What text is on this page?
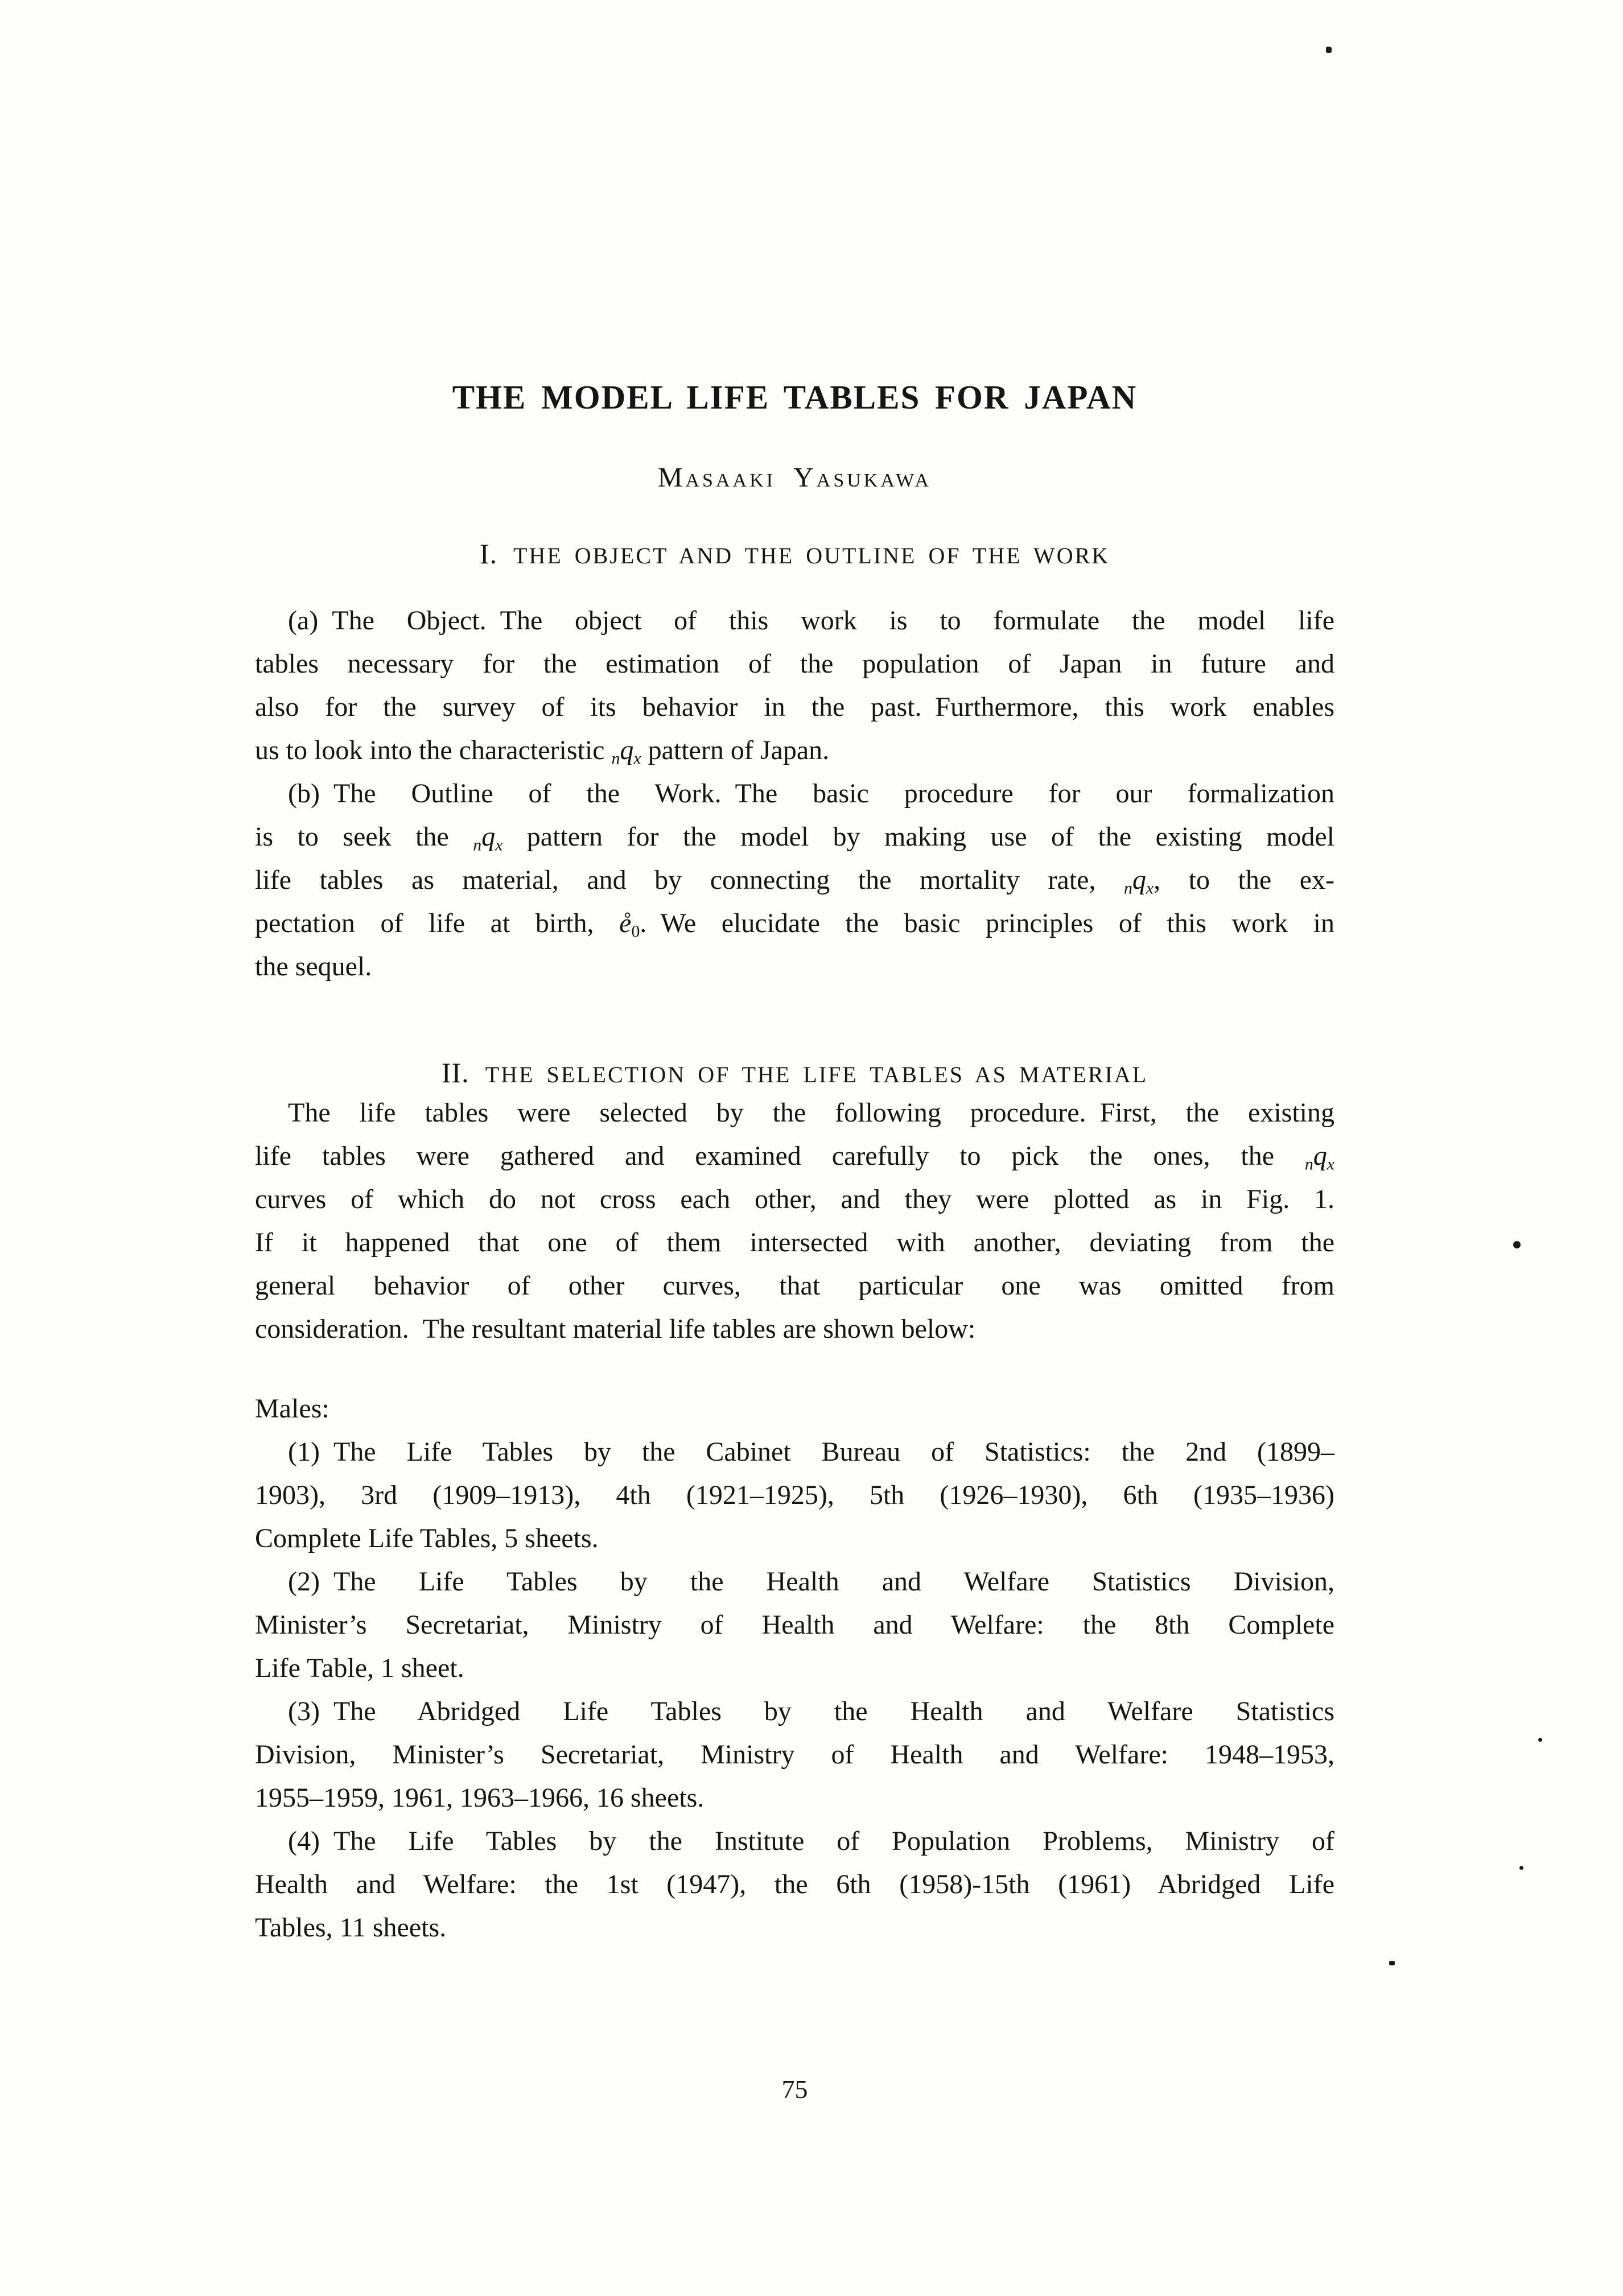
THE MODEL LIFE TABLES FOR JAPAN
Masaaki Yasukawa
I. THE OBJECT AND THE OUTLINE OF THE WORK
(a) The Object. The object of this work is to formulate the model life
tables necessary for the estimation of the population of Japan in future and
also for the survey of its behavior in the past. Furthermore, this work enables
us to look into the characteristic $_nq_x$ pattern of Japan.
(b) The Outline of the Work. The basic procedure for our formalization
is to seek the $_nq_x$ pattern for the model by making use of the existing model
life tables as material, and by connecting the mortality rate, $_nq_x$, to the ex-
pectation of life at birth, $e̊_0$. We elucidate the basic principles of this work in
the sequel.
II. THE SELECTION OF THE LIFE TABLES AS MATERIAL
The life tables were selected by the following procedure. First, the existing
life tables were gathered and examined carefully to pick the ones, the $_nq_x$
curves of which do not cross each other, and they were plotted as in Fig. 1.
If it happened that one of them intersected with another, deviating from the
general behavior of other curves, that particular one was omitted from
consideration. The resultant material life tables are shown below:
Males:
(1) The Life Tables by the Cabinet Bureau of Statistics: the 2nd (1899–
1903), 3rd (1909–1913), 4th (1921–1925), 5th (1926–1930), 6th (1935–1936)
Complete Life Tables, 5 sheets.
(2) The Life Tables by the Health and Welfare Statistics Division,
Minister’s Secretariat, Ministry of Health and Welfare: the 8th Complete
Life Table, 1 sheet.
(3) The Abridged Life Tables by the Health and Welfare Statistics
Division, Minister’s Secretariat, Ministry of Health and Welfare: 1948–1953,
1955–1959, 1961, 1963–1966, 16 sheets.
(4) The Life Tables by the Institute of Population Problems, Ministry of
Health and Welfare: the 1st (1947), the 6th (1958)-15th (1961) Abridged Life
Tables, 11 sheets.
75
